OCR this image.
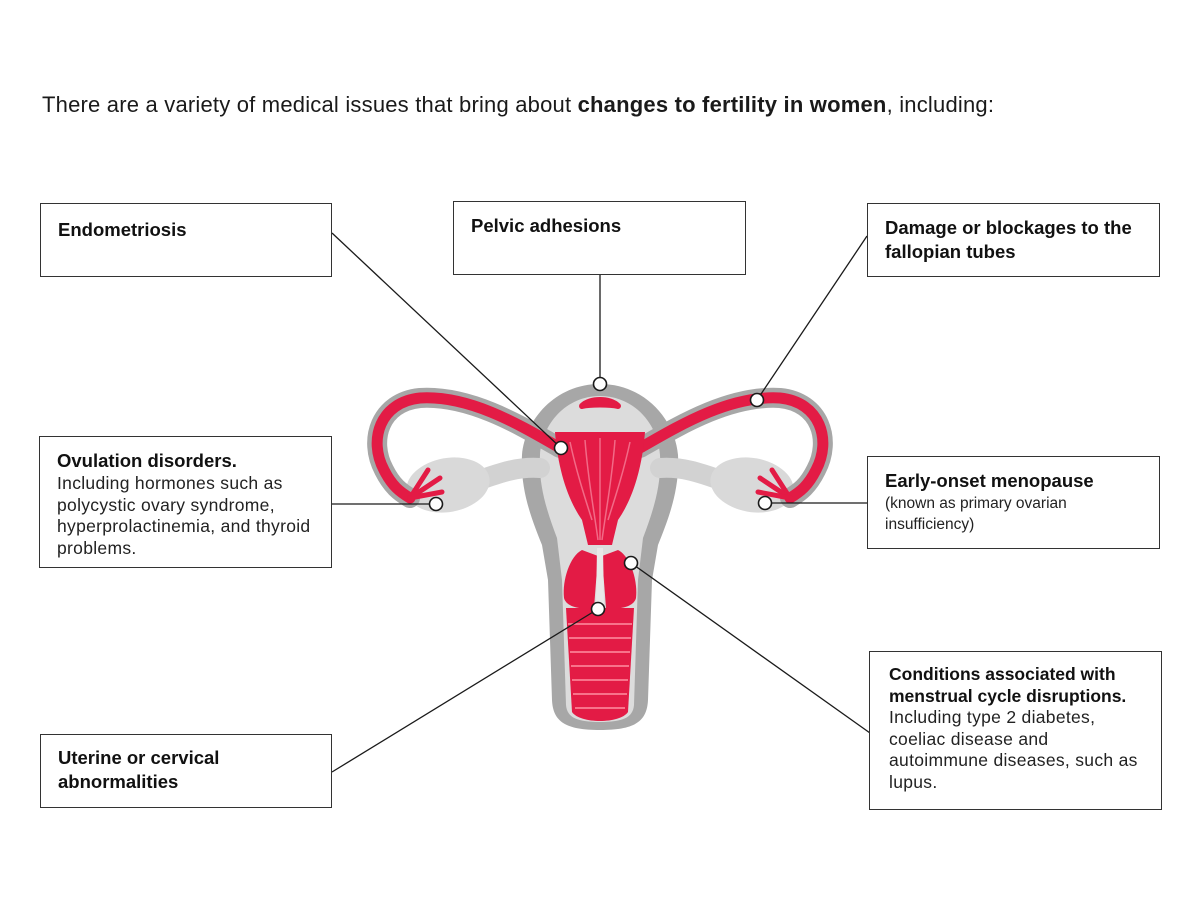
There are a variety of medical issues that bring about changes to fertility in women, including:
Endometriosis	Pelvic adhesions	Damage or blockages to the fallopian tubes
Ovulation disorders.
Including hormones such as polycystic ovary syndrome, hyperprolactinemia, and thyroid problems.
Early-onset menopause
(known as primary ovarian insufficiency)
Uterine or cervical abnormalities
Conditions associated with menstrual cycle disruptions.
Including type 2 diabetes, coeliac disease and autoimmune diseases, such as lupus.
